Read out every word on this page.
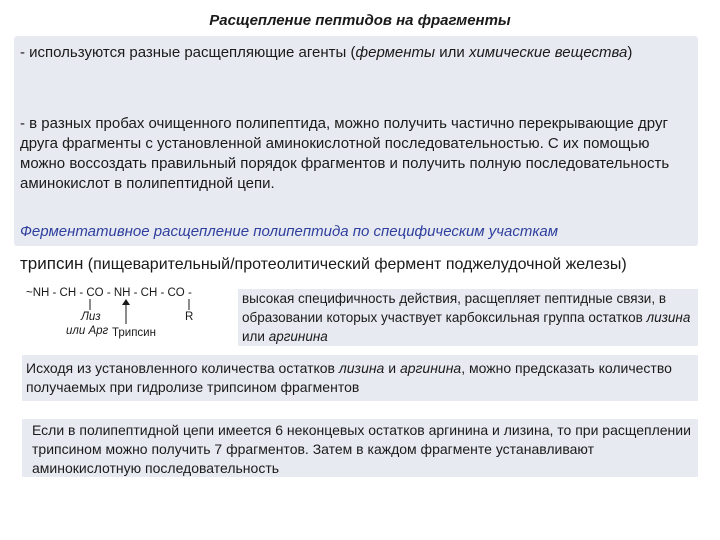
Расщепление пептидов на фрагменты
- используются разные расщепляющие агенты (ферменты или химические вещества)
- в разных пробах очищенного полипептида, можно получить частично перекрывающие друг друга фрагменты с установленной аминокислотной последовательностью. С их помощью можно воссоздать правильный порядок фрагментов и получить полную последовательность аминокислот в полипептидной цепи.
Ферментативное расщепление полипептида по специфическим участкам
трипсин (пищеварительный/протеолитический фермент поджелудочной железы)
~NH - CH - CO - NH - CH - CO -
Лиз
или Арг Трипсин
R
высокая специфичность действия, расщепляет пептидные связи, в образовании которых участвует карбоксильная группа остатков лизина или аргинина
Исходя из установленного количества остатков лизина и аргинина, можно предсказать количество получаемых при гидролизе трипсином фрагментов
Если в полипептидной цепи имеется 6 неконцевых остатков аргинина и лизина, то при расщеплении трипсином можно получить 7 фрагментов. Затем в каждом фрагменте устанавливают аминокислотную последовательность
